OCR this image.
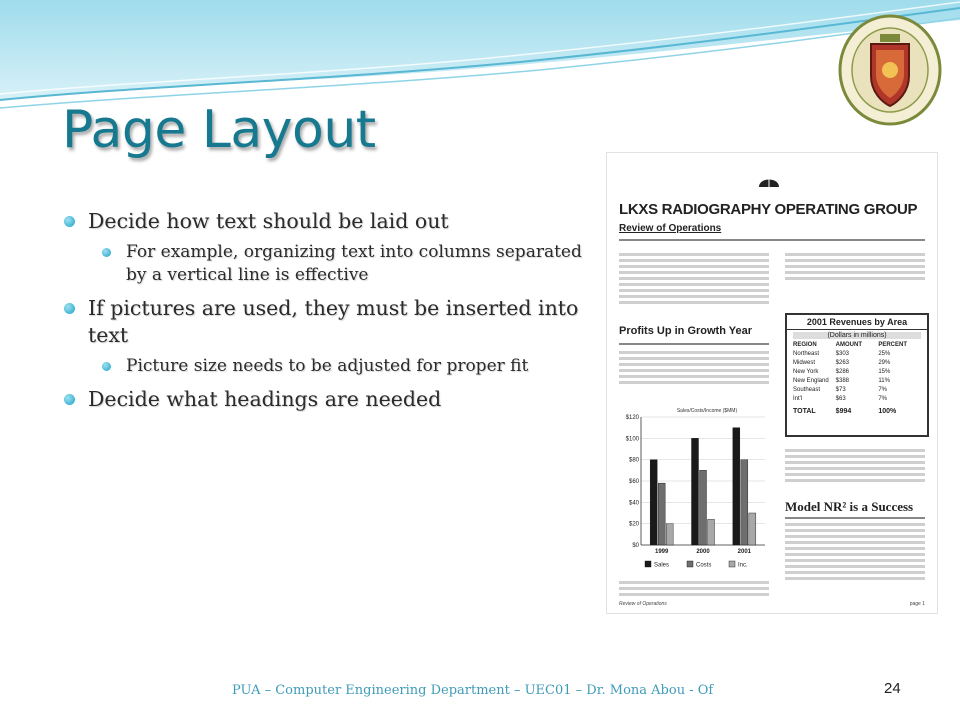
Page Layout
Decide how text should be laid out
For example, organizing text into columns separated by a vertical line is effective
If pictures are used, they must be inserted into text
Picture size needs to be adjusted for proper fit
Decide what headings are needed
LKXS RADIOGRAPHY OPERATING GROUP
Review of Operations
Profits Up in Growth Year
2001 Revenues by Area
(Dollars in millions)
REGION	AMOUNT	PERCENT
Northeast	$303	25%
Midwest	$263	29%
New York	$286	15%
New England	$388	11%
Southeast	$73	7%
Int'l	$63	7%
TOTAL	$994	100%
Sales/Costs/Income ($MM)
$0
$20
$40
$60
$80
$100
$120
1999	2000	2001
Sales	Costs	Inc.
Model NR² is a Success
Review of Operations	page 1
PUA – Computer Engineering Department – UEC01 – Dr. Mona Abou - Of	24
